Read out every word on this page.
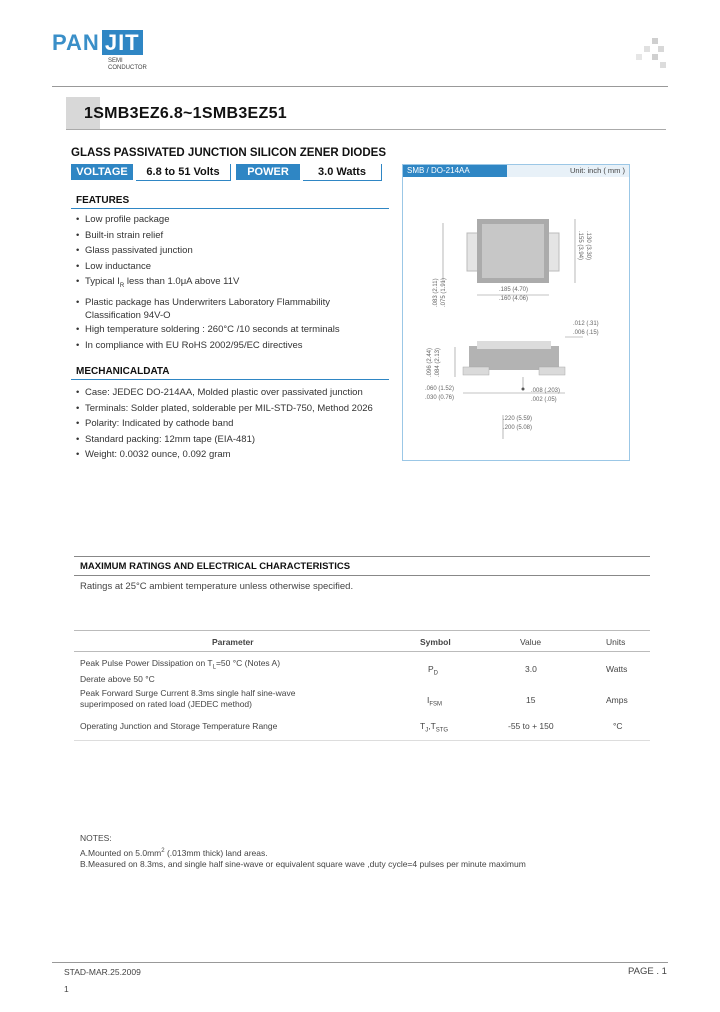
PAN JIT
SEMI
CONDUCTOR
1SMB3EZ6.8~1SMB3EZ51
GLASS PASSIVATED JUNCTION SILICON ZENER DIODES
VOLTAGE	6.8 to 51 Volts	POWER	3.0 Watts
FEATURES
• Low profile package
• Built-in strain relief
• Glass passivated junction
• Low inductance
• Typical $I_R$ less than 1.0μA above 11V
• Plastic package has Underwriters Laboratory Flammability
Classification 94V-O
• High temperature soldering : 260°C /10 seconds at terminals
• In compliance with EU RoHS 2002/95/EC directives
MECHANICALDATA
• Case: JEDEC DO-214AA, Molded plastic over passivated junction
• Terminals: Solder plated, solderable per MIL-STD-750, Method 2026
• Polarity: Indicated by cathode band
• Standard packing: 12mm tape (EIA-481)
• Weight: 0.0032 ounce, 0.092 gram
SMB / DO-214AA	Unit: inch ( mm )
.155 (3.94) .130 (3.30)
.083 (2.11) .075 (1.91)	.185 (4.70)
.160 (4.06)
.012 (.31)
.006 (.15)
.096 (2.44) .084 (2.13)
.060 (1.52)
.030 (0.76)
.008 (.203)
.002 (.05)
.220 (5.59)
.200 (5.08)
MAXIMUM RATINGS AND ELECTRICAL CHARACTERISTICS
Ratings at 25°C ambient temperature unless otherwise specified.
Parameter	Symbol	Value	Units
Peak Pulse Power Dissipation on $T_L=50$ °C (Notes A)
Derate above 50 °C
$P_D$	3.0	Watts
Peak Forward Surge Current 8.3ms single half sine-wave
superimposed on rated load (JEDEC method)	$I_{FSM}$	15	Amps
Operating Junction and Storage Temperature Range	$T_J,T_{STG}$	-55 to + 150	°C
NOTES:
A.Mounted on $5.0mm^2$ (.013mm thick) land areas.
B.Measured on 8.3ms, and single half sine-wave or equivalent square wave ,duty cycle=4 pulses per minute maximum
STAD-MAR.25.2009	PAGE . 1
1
